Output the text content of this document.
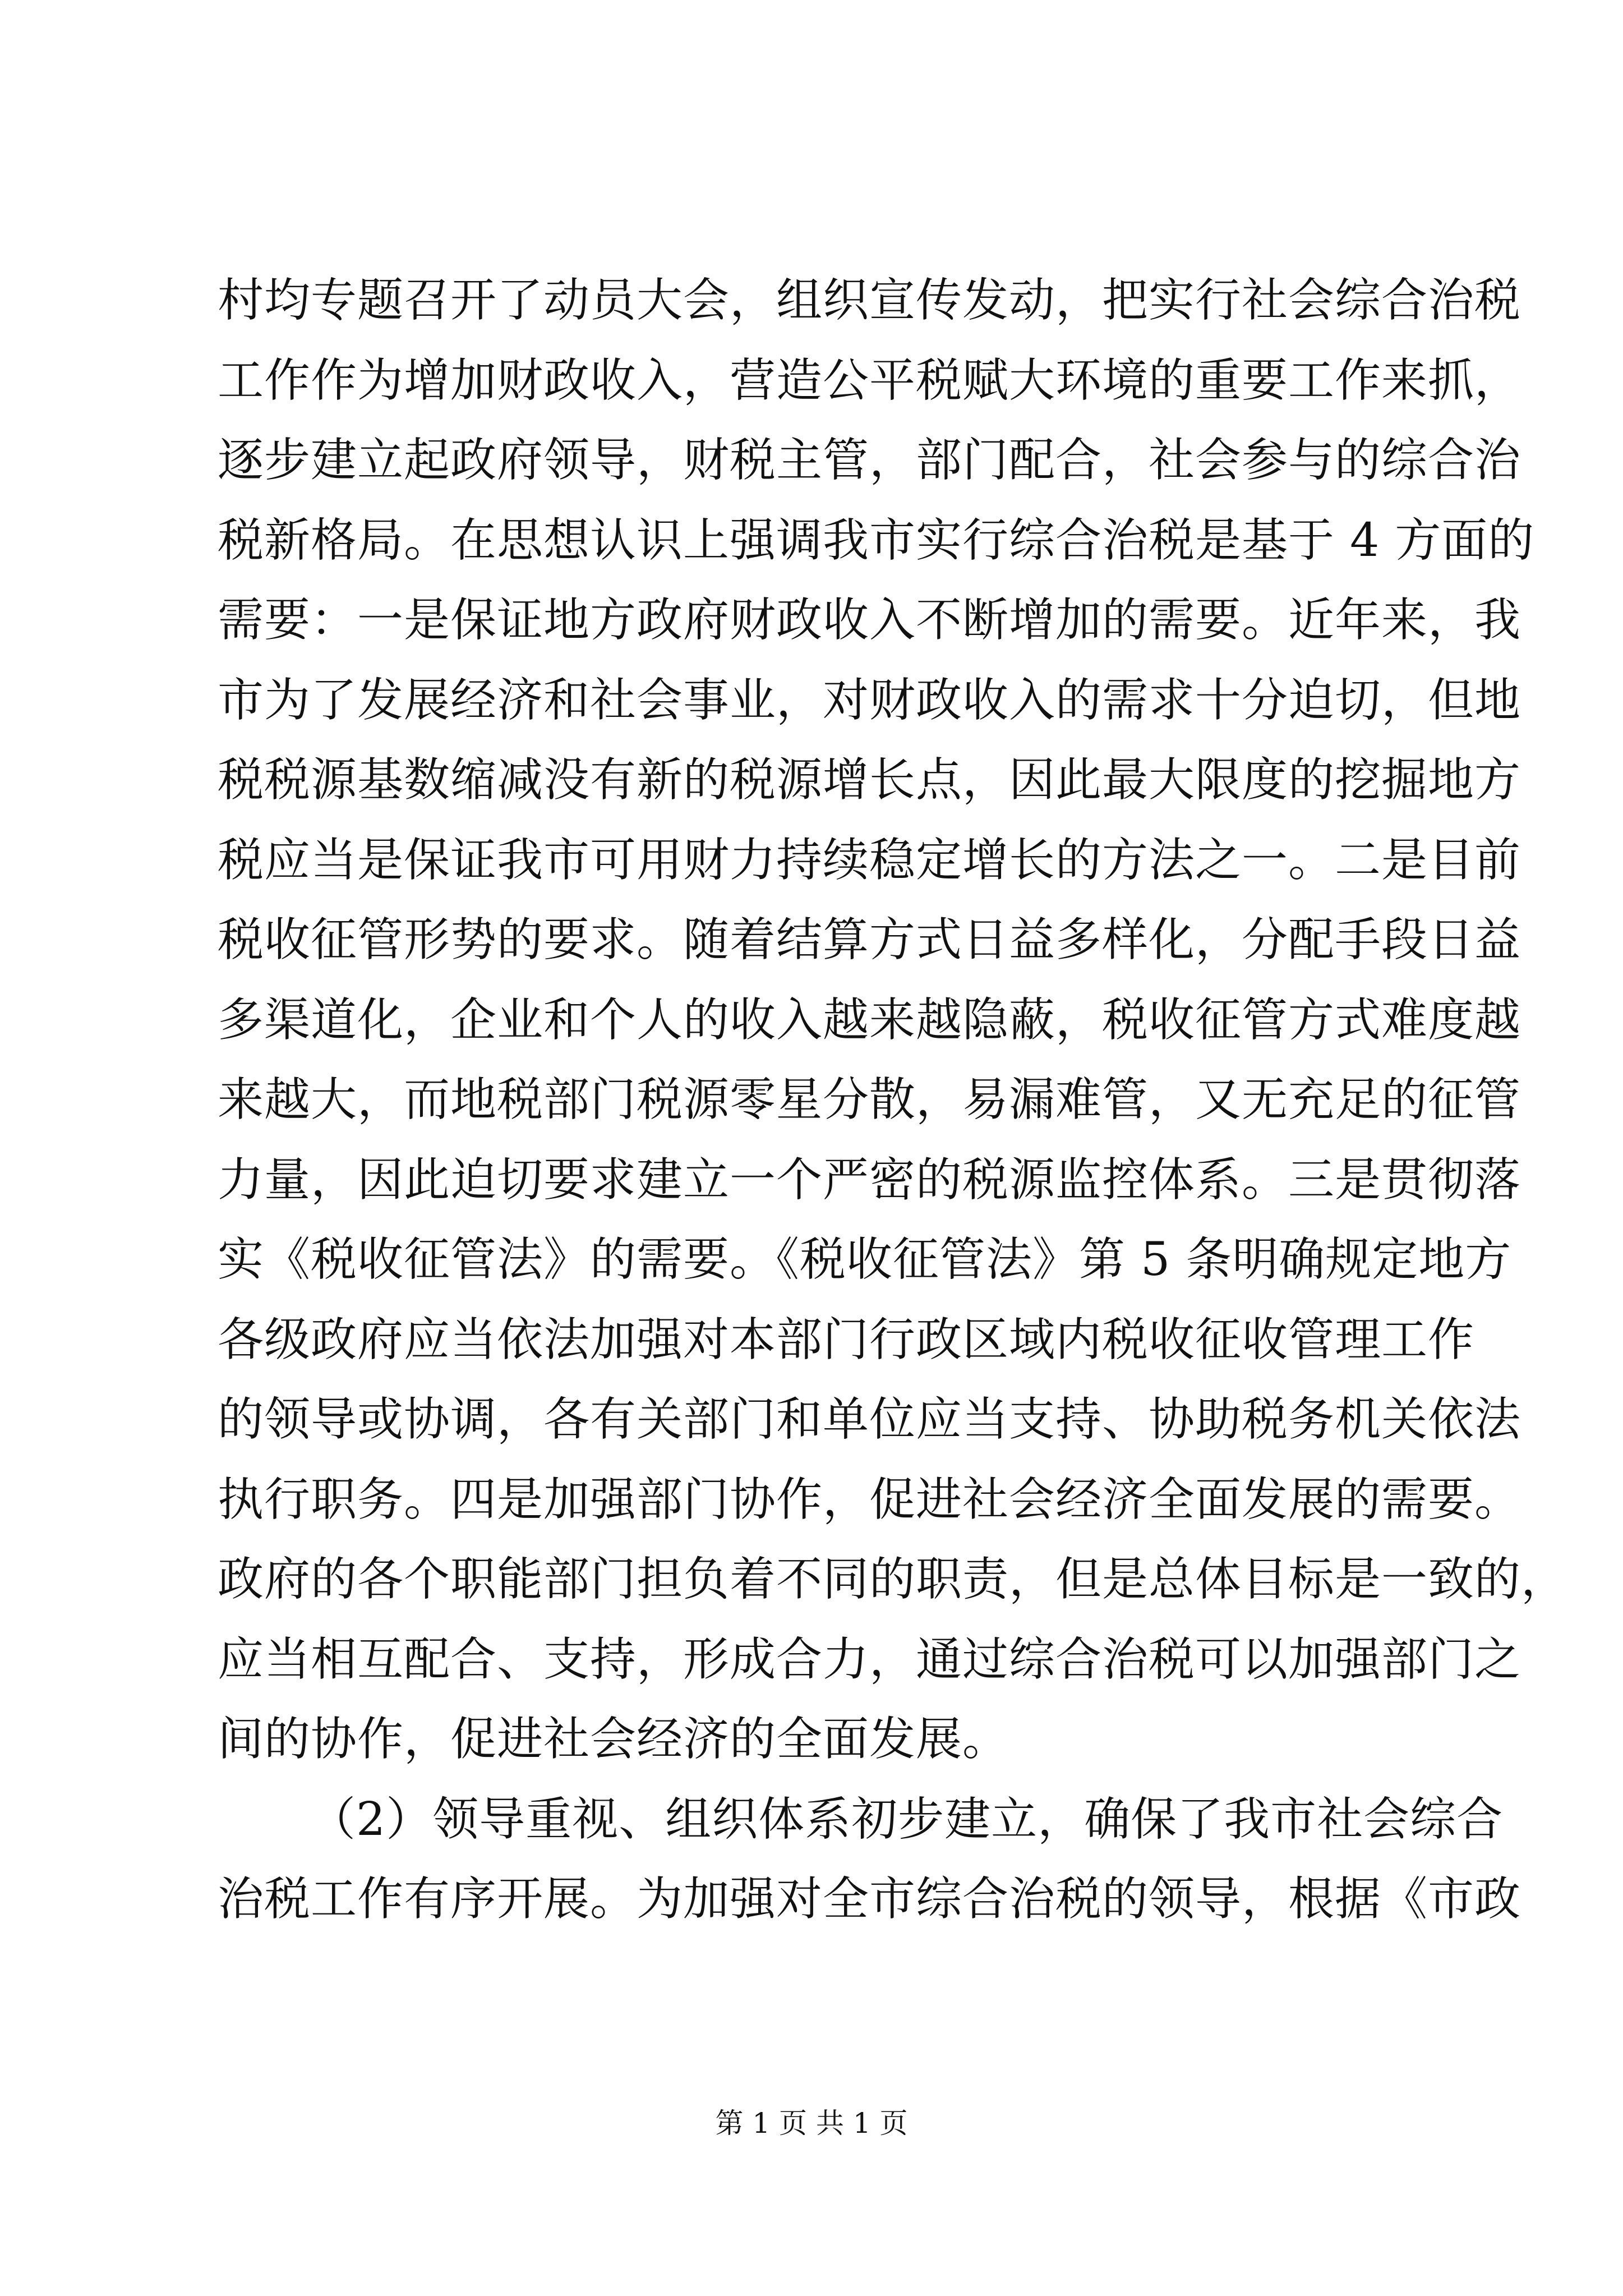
村均专题召开了动员大会，组织宣传发动，把实行社会综合治税
工作作为增加财政收入，营造公平税赋大环境的重要工作来抓，
逐步建立起政府领导，财税主管，部门配合，社会参与的综合治
税新格局。在思想认识上强调我市实行综合治税是基于 4 方面的
需要：一是保证地方政府财政收入不断增加的需要。近年来，我
市为了发展经济和社会事业，对财政收入的需求十分迫切，但地
税税源基数缩减没有新的税源增长点，因此最大限度的挖掘地方
税应当是保证我市可用财力持续稳定增长的方法之一。二是目前
税收征管形势的要求。随着结算方式日益多样化，分配手段日益
多渠道化，企业和个人的收入越来越隐蔽，税收征管方式难度越
来越大，而地税部门税源零星分散，易漏难管，又无充足的征管
力量，因此迫切要求建立一个严密的税源监控体系。三是贯彻落
实《税收征管法》的需要。《税收征管法》第 5 条明确规定地方
各级政府应当依法加强对本部门行政区域内税收征收管理工作
的领导或协调，各有关部门和单位应当支持、协助税务机关依法
执行职务。四是加强部门协作，促进社会经济全面发展的需要。
政府的各个职能部门担负着不同的职责，但是总体目标是一致的，
应当相互配合、支持，形成合力，通过综合治税可以加强部门之
间的协作，促进社会经济的全面发展。
（2）领导重视、组织体系初步建立，确保了我市社会综合
治税工作有序开展。为加强对全市综合治税的领导，根据《市政
第 1 页 共 1 页
